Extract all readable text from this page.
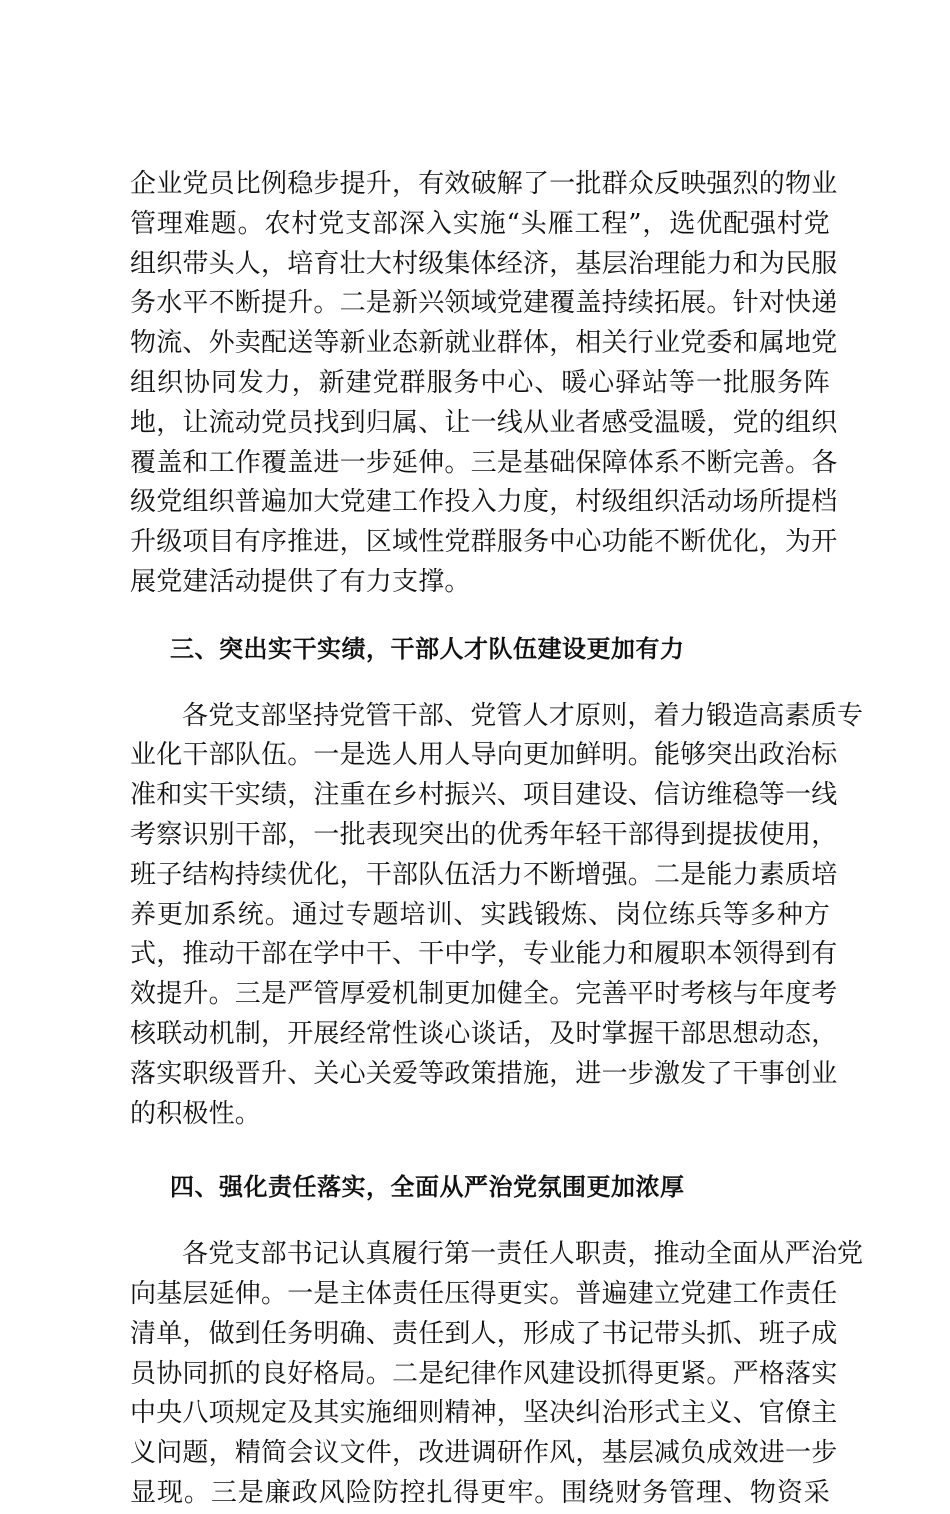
企业党员比例稳步提升，有效破解了一批群众反映强烈的物业
管理难题。农村党支部深入实施“头雁工程”，选优配强村党
组织带头人，培育壮大村级集体经济，基层治理能力和为民服
务水平不断提升。二是新兴领域党建覆盖持续拓展。针对快递
物流、外卖配送等新业态新就业群体，相关行业党委和属地党
组织协同发力，新建党群服务中心、暖心驿站等一批服务阵
地，让流动党员找到归属、让一线从业者感受温暖，党的组织
覆盖和工作覆盖进一步延伸。三是基础保障体系不断完善。各
级党组织普遍加大党建工作投入力度，村级组织活动场所提档
升级项目有序推进，区域性党群服务中心功能不断优化，为开
展党建活动提供了有力支撑。
三、突出实干实绩，干部人才队伍建设更加有力
各党支部坚持党管干部、党管人才原则，着力锻造高素质专
业化干部队伍。一是选人用人导向更加鲜明。能够突出政治标
准和实干实绩，注重在乡村振兴、项目建设、信访维稳等一线
考察识别干部，一批表现突出的优秀年轻干部得到提拔使用，
班子结构持续优化，干部队伍活力不断增强。二是能力素质培
养更加系统。通过专题培训、实践锻炼、岗位练兵等多种方
式，推动干部在学中干、干中学，专业能力和履职本领得到有
效提升。三是严管厚爱机制更加健全。完善平时考核与年度考
核联动机制，开展经常性谈心谈话，及时掌握干部思想动态，
落实职级晋升、关心关爱等政策措施，进一步激发了干事创业
的积极性。
四、强化责任落实，全面从严治党氛围更加浓厚
各党支部书记认真履行第一责任人职责，推动全面从严治党
向基层延伸。一是主体责任压得更实。普遍建立党建工作责任
清单，做到任务明确、责任到人，形成了书记带头抓、班子成
员协同抓的良好格局。二是纪律作风建设抓得更紧。严格落实
中央八项规定及其实施细则精神，坚决纠治形式主义、官僚主
义问题，精简会议文件，改进调研作风，基层减负成效进一步
显现。三是廉政风险防控扎得更牢。围绕财务管理、物资采
